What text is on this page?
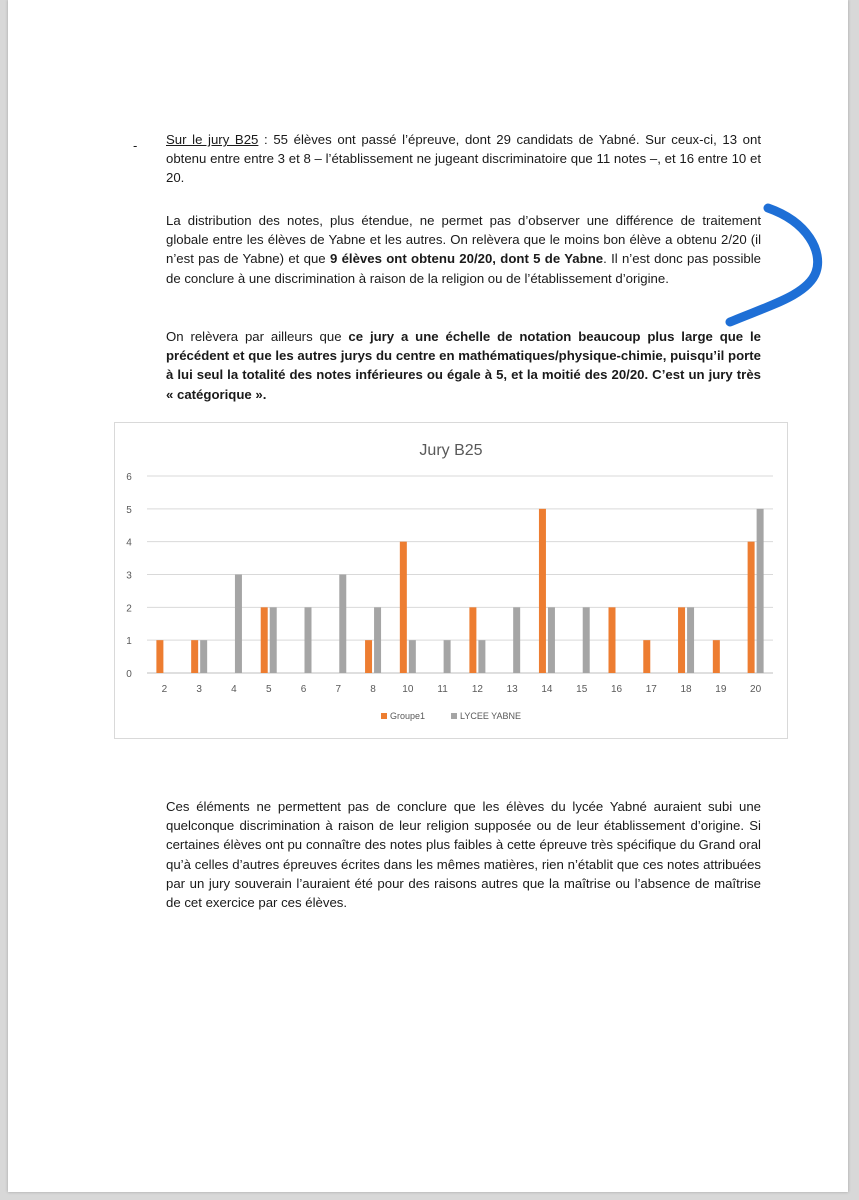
- Sur le jury B25 : 55 élèves ont passé l’épreuve, dont 29 candidats de Yabné. Sur ceux-ci, 13 ont obtenu entre entre 3 et 8 – l’établissement ne jugeant discriminatoire que 11 notes –, et 16 entre 10 et 20.
La distribution des notes, plus étendue, ne permet pas d’observer une différence de traitement globale entre les élèves de Yabne et les autres. On relèvera que le moins bon élève a obtenu 2/20 (il n’est pas de Yabne) et que 9 élèves ont obtenu 20/20, dont 5 de Yabne. Il n’est donc pas possible de conclure à une discrimination à raison de la religion ou de l’établissement d’origine.
On relèvera par ailleurs que ce jury a une échelle de notation beaucoup plus large que le précédent et que les autres jurys du centre en mathématiques/physique-chimie, puisqu’il porte à lui seul la totalité des notes inférieures ou égale à 5, et la moitié des 20/20. C’est un jury très « catégorique ».
Jury B25
2	3	4	5	6	7	8	10 11 12 13 14 15 16 17 18 19 20
0
1
2
3
4
5
6
Groupe1	LYCEE YABNE
Ces éléments ne permettent pas de conclure que les élèves du lycée Yabné auraient subi une quelconque discrimination à raison de leur religion supposée ou de leur établissement d’origine. Si certaines élèves ont pu connaître des notes plus faibles à cette épreuve très spécifique du Grand oral qu’à celles d’autres épreuves écrites dans les mêmes matières, rien n’établit que ces notes attribuées par un jury souverain l’auraient été pour des raisons autres que la maîtrise ou l’absence de maîtrise de cet exercice par ces élèves.
